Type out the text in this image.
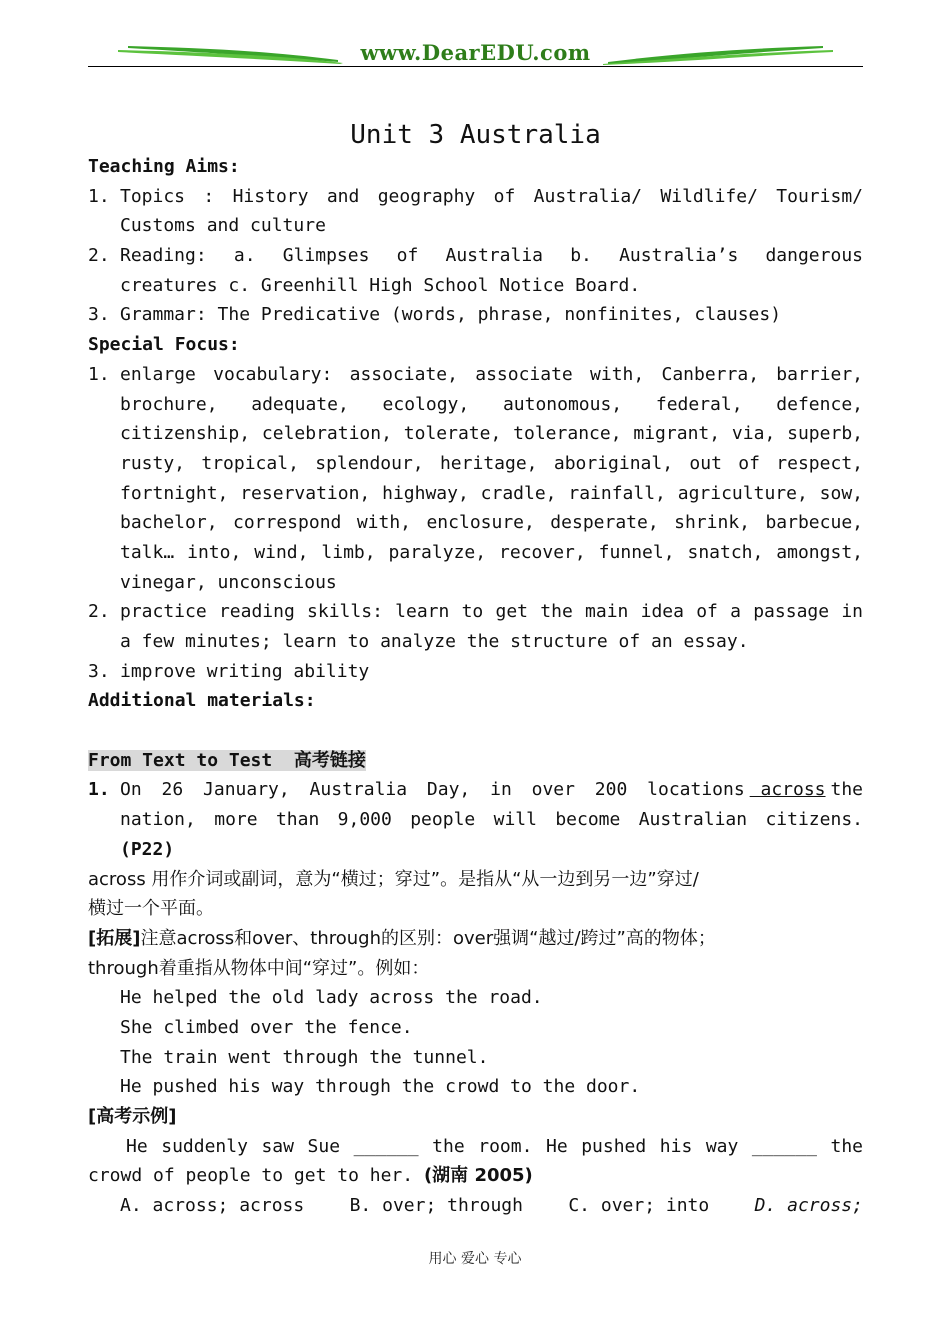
www.DearEDU.com
Unit 3 Australia
Teaching Aims:
1. Topics : History and geography of Australia/ Wildlife/ Tourism/
Customs and culture
2. Reading: a. Glimpses of Australia b. Australia’s dangerous
creatures c. Greenhill High School Notice Board.
3. Grammar: The Predicative (words, phrase, nonfinites, clauses)
Special Focus:
1. enlarge vocabulary: associate, associate with, Canberra, barrier,
brochure, adequate, ecology, autonomous, federal, defence,
citizenship, celebration, tolerate, tolerance, migrant, via, superb,
rusty, tropical, splendour, heritage, aboriginal, out of respect,
fortnight, reservation, highway, cradle, rainfall, agriculture, sow,
bachelor, correspond with, enclosure, desperate, shrink, barbecue,
talk… into, wind, limb, paralyze, recover, funnel, snatch, amongst,
vinegar, unconscious
2. practice reading skills: learn to get the main idea of a passage in
a few minutes; learn to analyze the structure of an essay.
3. improve writing ability
Additional materials:
From Text to Test 高考链接
1. On 26 January, Australia Day, in over 200 locations across the
nation, more than 9,000 people will become Australian citizens.
(P22)
across 用作介词或副词，意为“横过；穿过”。是指从“从一边到另一边”穿过/
横过一个平面。
[拓展]注意across和over、through的区别：over强调“越过/跨过”高的物体；
through着重指从物体中间“穿过”。例如：
He helped the old lady across the road.
She climbed over the fence.
The train went through the tunnel.
He pushed his way through the crowd to the door.
[高考示例]
He suddenly saw Sue ______ the room. He pushed his way ______ the
crowd of people to get to her. (湖南 2005)
A. across; across	B. over; through	C. over; into	D. across;
用心 爱心 专心
